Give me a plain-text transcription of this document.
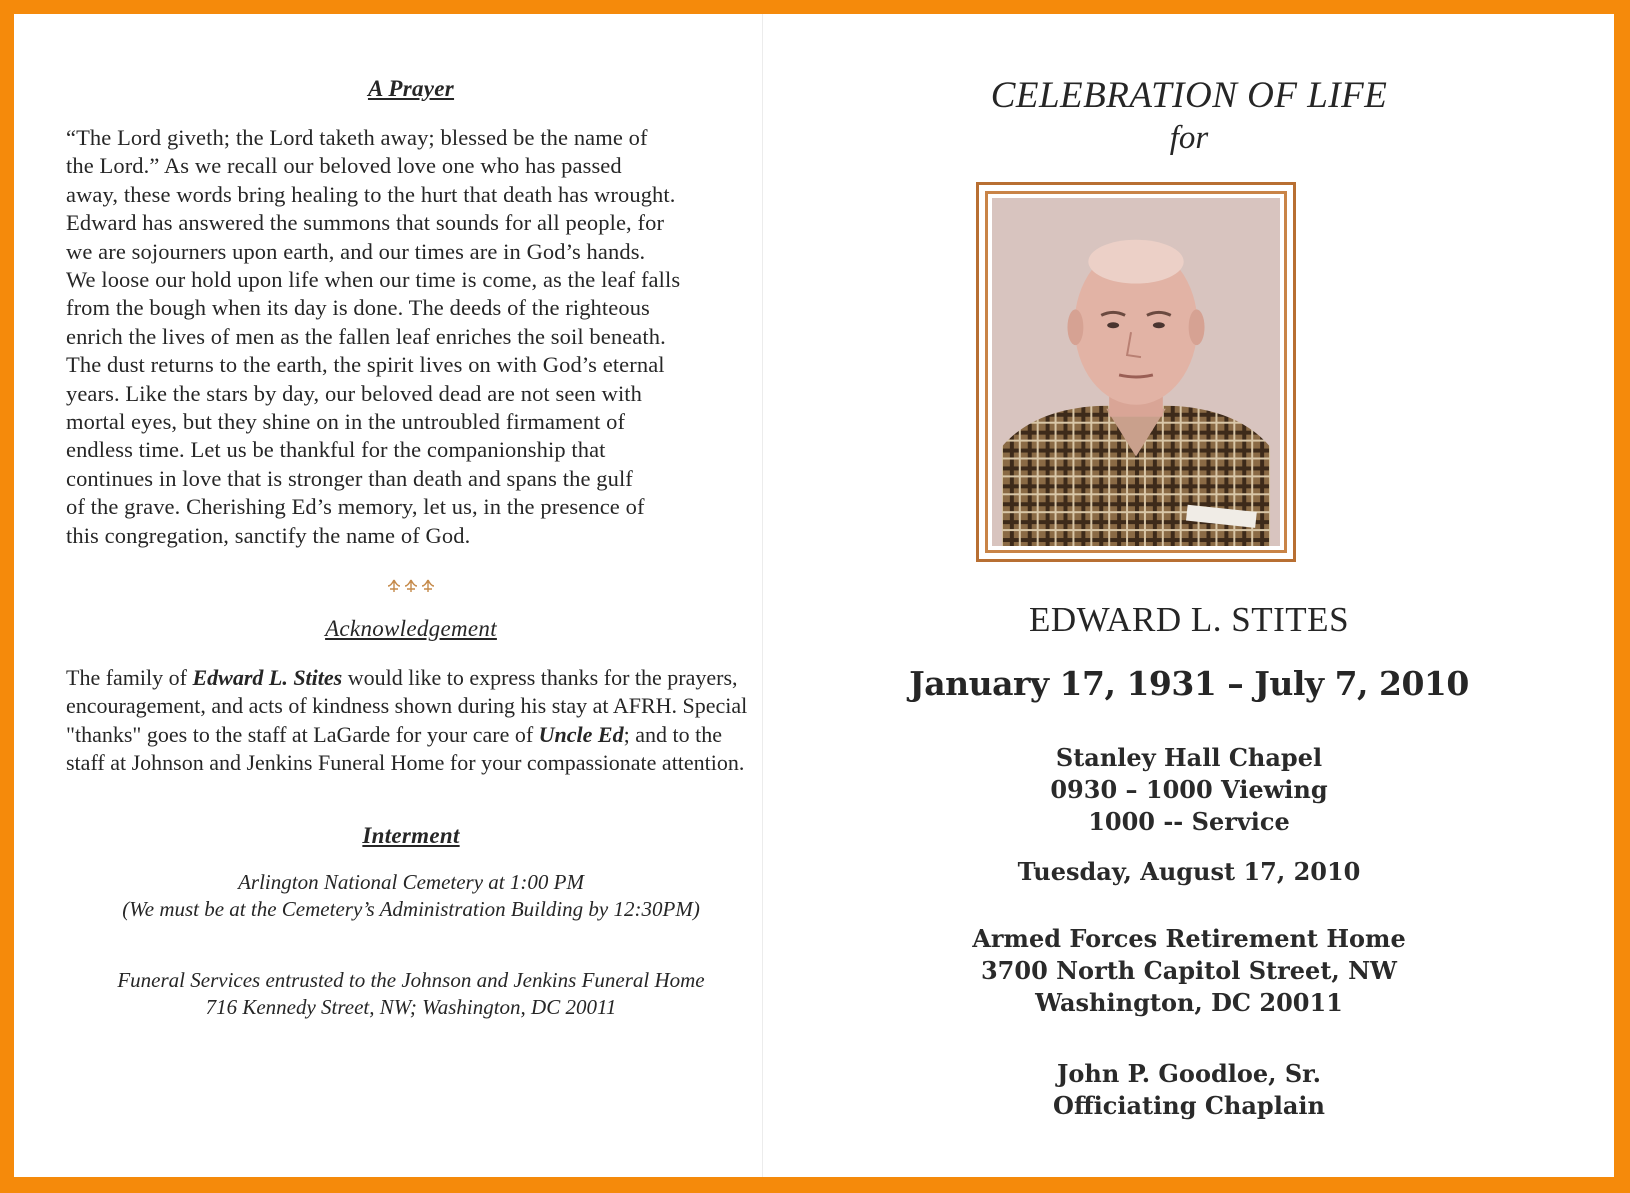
A Prayer
“The Lord giveth; the Lord taketh away; blessed be the name of
the Lord.” As we recall our beloved love one who has passed
away, these words bring healing to the hurt that death has wrought.
Edward has answered the summons that sounds for all people, for
we are sojourners upon earth, and our times are in God’s hands.
We loose our hold upon life when our time is come, as the leaf falls
from the bough when its day is done. The deeds of the righteous
enrich the lives of men as the fallen leaf enriches the soil beneath.
The dust returns to the earth, the spirit lives on with God’s eternal
years. Like the stars by day, our beloved dead are not seen with
mortal eyes, but they shine on in the untroubled firmament of
endless time. Let us be thankful for the companionship that
continues in love that is stronger than death and spans the gulf
of the grave. Cherishing Ed’s memory, let us, in the presence of
this congregation, sanctify the name of God.
Acknowledgement
The family of Edward L. Stites would like to express thanks for the prayers, encouragement, and acts of kindness shown during his stay at AFRH. Special "thanks" goes to the staff at LaGarde for your care of Uncle Ed; and to the staff at Johnson and Jenkins Funeral Home for your compassionate attention.
Interment
Arlington National Cemetery at 1:00 PM
(We must be at the Cemetery’s Administration Building by 12:30PM)
Funeral Services entrusted to the Johnson and Jenkins Funeral Home
716 Kennedy Street, NW; Washington, DC 20011
CELEBRATION OF LIFE
for
EDWARD L. STITES
January 17, 1931 – July 7, 2010
Stanley Hall Chapel
0930 – 1000 Viewing
1000 -- Service
Tuesday, August 17, 2010
Armed Forces Retirement Home
3700 North Capitol Street, NW
Washington, DC 20011
John P. Goodloe, Sr.
Officiating Chaplain
